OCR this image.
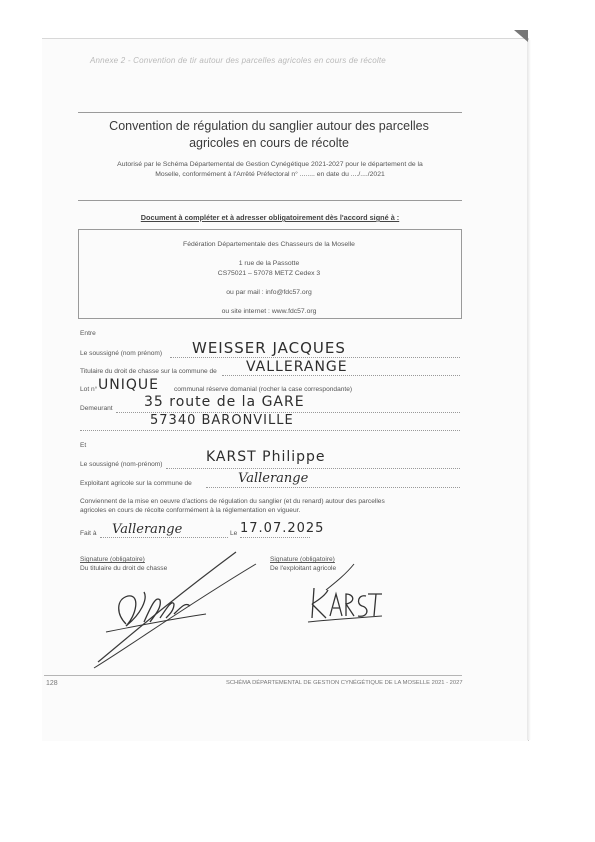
Annexe 2 - Convention de tir autour des parcelles agricoles en cours de récolte
Convention de régulation du sanglier autour des parcelles
agricoles en cours de récolte
Autorisé par le Schéma Départemental de Gestion Cynégétique 2021-2027 pour le département de la
Moselle, conformément à l'Arrêté Préfectoral n° ........ en date du ..../..../2021
Document à compléter et à adresser obligatoirement dès l'accord signé à :
Fédération Départementale des Chasseurs de la Moselle
1 rue de la Passotte
CS75021 – 57078 METZ Cedex 3
ou par mail : info@fdc57.org
ou site internet : www.fdc57.org
Entre
Le soussigné (nom prénom) WEISSER JACQUES
Titulaire du droit de chasse sur la commune de VALLERANGE
Lot n° UNIQUE communal réserve domanial (rocher la case correspondante)
Demeurant 35 route de la GARE
57340 BARONVILLE
Et
Le soussigné (nom-prénom)	KARST Philippe
Exploitant agricole sur la commune de	Vallerange
Conviennent de la mise en oeuvre d'actions de régulation du sanglier (et du renard) autour des parcelles
agricoles en cours de récolte conformément à la réglementation en vigueur.
Fait à Vallerange	Le 17.07.2025
Signature (obligatoire)
Du titulaire du droit de chasse
Signature (obligatoire)
De l'exploitant agricole
128	SCHÉMA DÉPARTEMENTAL DE GESTION CYNÉGÉTIQUE DE LA MOSELLE 2021 - 2027
